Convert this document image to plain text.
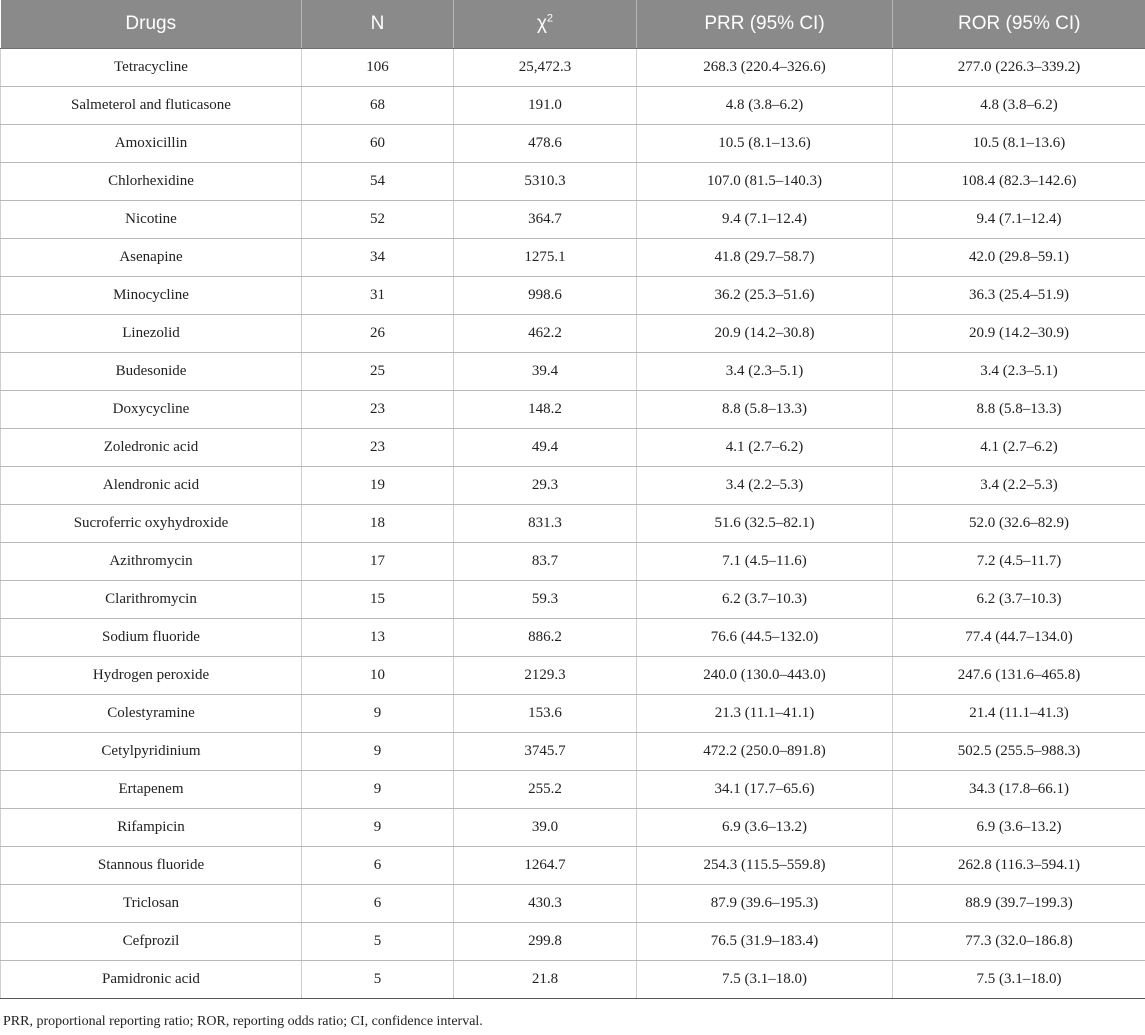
Drugs	N	$\chi^2$	PRR (95% CI)	ROR (95% CI)
Tetracycline	106	25,472.3	268.3 (220.4–326.6)	277.0 (226.3–339.2)
Salmeterol and fluticasone	68	191.0	4.8 (3.8–6.2)	4.8 (3.8–6.2)
Amoxicillin	60	478.6	10.5 (8.1–13.6)	10.5 (8.1–13.6)
Chlorhexidine	54	5310.3	107.0 (81.5–140.3)	108.4 (82.3–142.6)
Nicotine	52	364.7	9.4 (7.1–12.4)	9.4 (7.1–12.4)
Asenapine	34	1275.1	41.8 (29.7–58.7)	42.0 (29.8–59.1)
Minocycline	31	998.6	36.2 (25.3–51.6)	36.3 (25.4–51.9)
Linezolid	26	462.2	20.9 (14.2–30.8)	20.9 (14.2–30.9)
Budesonide	25	39.4	3.4 (2.3–5.1)	3.4 (2.3–5.1)
Doxycycline	23	148.2	8.8 (5.8–13.3)	8.8 (5.8–13.3)
Zoledronic acid	23	49.4	4.1 (2.7–6.2)	4.1 (2.7–6.2)
Alendronic acid	19	29.3	3.4 (2.2–5.3)	3.4 (2.2–5.3)
Sucroferric oxyhydroxide	18	831.3	51.6 (32.5–82.1)	52.0 (32.6–82.9)
Azithromycin	17	83.7	7.1 (4.5–11.6)	7.2 (4.5–11.7)
Clarithromycin	15	59.3	6.2 (3.7–10.3)	6.2 (3.7–10.3)
Sodium fluoride	13	886.2	76.6 (44.5–132.0)	77.4 (44.7–134.0)
Hydrogen peroxide	10	2129.3	240.0 (130.0–443.0)	247.6 (131.6–465.8)
Colestyramine	9	153.6	21.3 (11.1–41.1)	21.4 (11.1–41.3)
Cetylpyridinium	9	3745.7	472.2 (250.0–891.8)	502.5 (255.5–988.3)
Ertapenem	9	255.2	34.1 (17.7–65.6)	34.3 (17.8–66.1)
Rifampicin	9	39.0	6.9 (3.6–13.2)	6.9 (3.6–13.2)
Stannous fluoride	6	1264.7	254.3 (115.5–559.8)	262.8 (116.3–594.1)
Triclosan	6	430.3	87.9 (39.6–195.3)	88.9 (39.7–199.3)
Cefprozil	5	299.8	76.5 (31.9–183.4)	77.3 (32.0–186.8)
Pamidronic acid	5	21.8	7.5 (3.1–18.0)	7.5 (3.1–18.0)
PRR, proportional reporting ratio; ROR, reporting odds ratio; CI, confidence interval.
